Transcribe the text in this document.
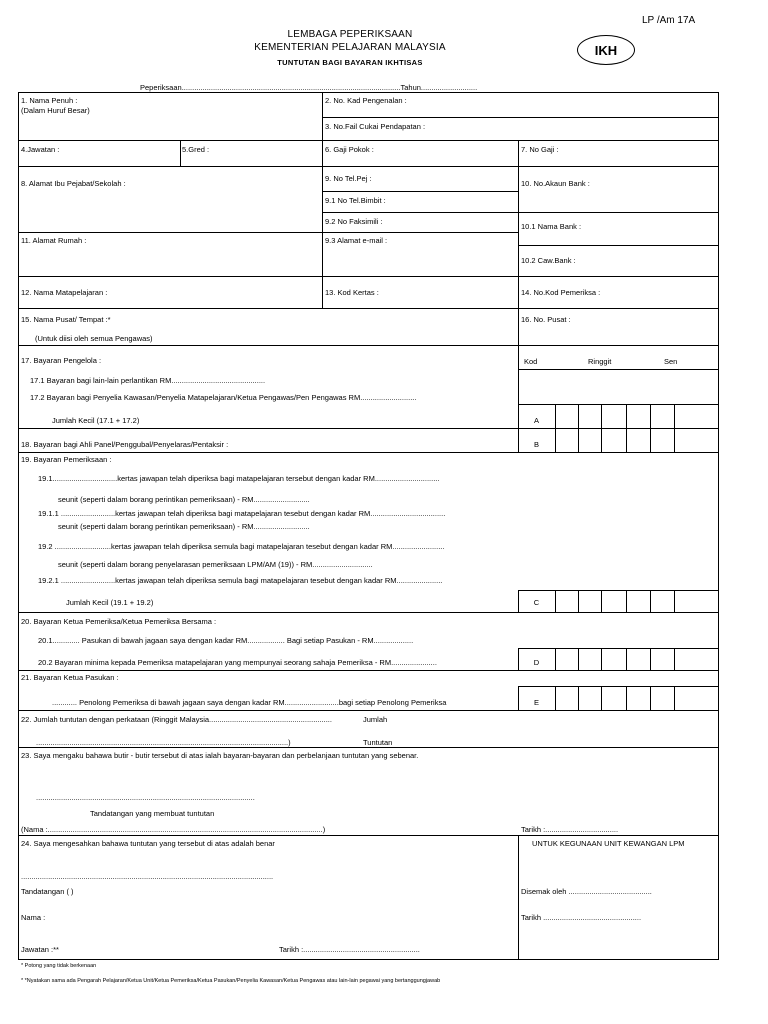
LP /Am 17A
LEMBAGA PEPERIKSAAN
KEMENTERIAN PELAJARAN MALAYSIA
TUNTUTAN BAGI BAYARAN IKHTISAS
IKH
Peperiksaan.........................................................................................................Tahun...........................
1. Nama Penuh :
(Dalam Huruf Besar)
2. No. Kad Pengenalan :
3. No.Fail Cukai Pendapatan :
4.Jawatan :	5.Gred :	6. Gaji Pokok :	7. No Gaji :
8. Alamat Ibu Pejabat/Sekolah :
9. No Tel.Pej :
9.1 No Tel.Bimbit :
9.2 No Faksimili :
9.3 Alamat e-mail :
10. No.Akaun Bank :
10.1 Nama Bank :
10.2 Caw.Bank :
11. Alamat Rumah :
12. Nama Matapelajaran :	13. Kod Kertas :	14. No.Kod Pemeriksa :
15. Nama Pusat/ Tempat :*
(Untuk diisi oleh semua Pengawas)
16. No. Pusat :
17. Bayaran Pengelola :	Kod	Ringgit	Sen
17.1 Bayaran bagi lain-lain perlantikan RM.............................................
17.2 Bayaran bagi Penyelia Kawasan/Penyelia Matapelajaran/Ketua Pengawas/Pen Pengawas RM...........................
Jumlah Kecil (17.1 + 17.2)	A
18. Bayaran bagi Ahli Panel/Penggubal/Penyelaras/Pentaksir :	B
19. Bayaran Pemeriksaan :
19.1...............................kertas jawapan telah diperiksa bagi matapelajaran tersebut dengan kadar RM...............................
seunit (seperti dalam borang perintikan pemeriksaan) - RM...........................
19.1.1 ..........................kertas jawapan telah diperiksa bagi matapelajaran tesebut dengan kadar RM....................................
seunit (seperti dalam borang perintikan pemeriksaan) - RM...........................
19.2 ...........................kertas jawapan telah diperiksa semula bagi matapelajaran tesebut dengan kadar RM.........................
seunit (seperti dalam borang penyelarasan pemeriksaan LPM/AM (19)) - RM.............................
19.2.1 ..........................kertas jawapan telah diperiksa semula bagi matapelajaran tesebut dengan kadar RM......................
Jumlah Kecil (19.1 + 19.2)	C
20. Bayaran Ketua Pemeriksa/Ketua Pemeriksa Bersama :
20.1............. Pasukan di bawah jagaan saya dengan kadar RM.................. Bagi setiap Pasukan - RM...................
20.2 Bayaran minima kepada Pemeriksa matapelajaran yang mempunyai seorang sahaja Pemeriksa - RM......................	D
21. Bayaran Ketua Pasukan :
............ Penolong Pemeriksa di bawah jagaan saya dengan kadar RM..........................bagi setiap Penolong Pemeriksa	E
22. Jumlah tuntutan dengan perkataan (Ringgit Malaysia...........................................................
.........................................................................................................................)
Jumlah
Tuntutan
23. Saya mengaku bahawa butir - butir tersebut di atas ialah bayaran-bayaran dan perbelanjaan tuntutan yang sebenar.
.........................................................................................................
Tandatangan yang membuat tuntutan
(Nama :....................................................................................................................................)	Tarikh :...................................
24. Saya mengesahkan bahawa tuntutan yang tersebut di atas adalah benar	UNTUK KEGUNAAN UNIT KEWANGAN LPM
.........................................................................................................................
Tandatangan ( )
Nama :
Jawatan :**	Tarikh :........................................................
Disemak oleh ........................................
Tarikh ...............................................
* Potong yang tidak berkenaan
* *Nyatakan sama ada Pengarah Pelajaran/Ketua Unit/Ketua Pemeriksa/Ketua Pasukan/Penyelia Kawasan/Ketua Pengawas atau lain-lain pegawai yang bertanggungjawab
